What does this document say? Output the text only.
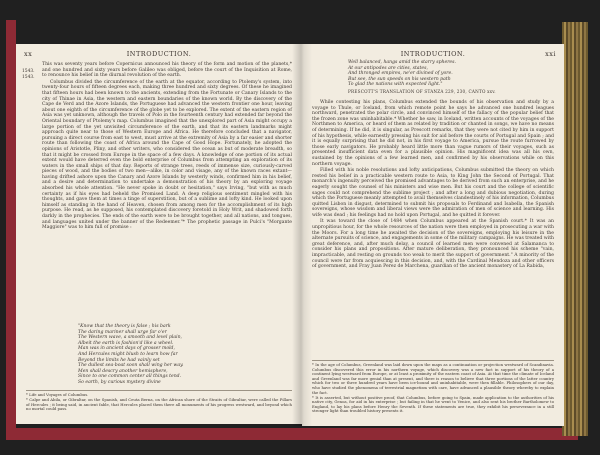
xx	INTRODUCTION.
1543.
1543.

This was seventy years before Copernicus announced his theory of the form and motion of the planets,* and one hundred and sixty years before Galileo was obliged, before the court of the Inquisition at Rome, to renounce his belief in the diurnal revolution of the earth.

Columbus divided the circumference of the earth at the equator, according to Ptolemy's system, into twenty-four hours of fifteen degrees each, making three hundred and sixty degrees. Of these he imagined that fifteen hours had been known to the ancients, extending from the Fortunate or Canary Islands to the city of Thinae in Asia, the western and eastern boundaries of the known world. By the discovery of the Cape de Verd and the Azore Islands, the Portuguese had advanced the western frontier one hour, leaving about one eighth of the circumference of the globe yet to be explored. The extent of the eastern region of Asia was yet unknown, although the travels of Polo in the fourteenth century had extended far beyond the Oriental boundary of Ptolemy's map. Columbus imagined that the unexplored part of Asia might occupy a large portion of the yet unvisited circumference of the earth, and that its eastern landmarks might approach quite near to those of Western Europe and Africa. He therefore concluded that a navigator, pursuing a direct course from east to west, must arrive at the extremity of Asia by a far easier and shorter route than following the coast of Africa around the Cape of Good Hope. Fortunately, he adopted the opinions of Aristotle, Pliny, and other writers, who considered the ocean as but of moderate breadth, so that it might be crossed from Europe in the space of a few days. A knowledge of one portion of its actual extent would have deterred even the bold enterprise of Columbus from attempting an exploration of its waters in the small ships of that day. Reports of strange trees, reeds of immense size, curiously-carved pieces of wood, and the bodies of two men—alike, in color and visage, any of the known races extant—having drifted ashore upon the Canary and Azore Islands by westerly winds, confirmed him in his belief, and a desire and determination to undertake a demonstration of his theory by an exploring voyage absorbed his whole attention. "He never spoke in doubt or hesitation," says Irving, "but with as much certainty as if his eyes had beheld the Promised Land. A deep religious sentiment mingled with his thoughts, and gave them at times a tinge of superstition, but of a sublime and lofty kind. He looked upon himself as standing in the hand of Heaven, chosen from among men for the accomplishment of its high purpose. He read, as he supposed, his contemplated discovery foretold in Holy Writ, and shadowed forth darkly in the prophecies. The ends of the earth were to be brought together, and all nations, and tongues, and languages united under the banner of the Redeemer."* The prophetic passage in Pulci's "Morgante Maggiore" was to him full of promise :

"Know that the theory is false ; his bark
The daring mariner shall urge far o'er
The Western wave, a smooth and level plain,
Albeit the earth is fashion'd like a wheel.
Man was in ancient days of grosser mold,
And Hercules might blush to learn how far
Beyond the limits he had vainly set
The dullest sea-boat soon shall wing her way.
Men shall descry another hemisphere,
Since to one common center all things tend.
So earth, by curious mystery divine

* Life and Voyages of Columbus.

* Calpe and Abila, or Gibraltar, on the Spanish, and Ceuta Berna, on the African shore of the Straits of Gibraltar, were called the Pillars of Hercules ; it being said, in ancient fable, that Hercules placed them there all monuments of his progress westward, and beyond which no mortal could pass.

INTRODUCTION.	xxi
Well balanced, hangs amid the starry spheres.
At our antipodes are cities, states,
And thronged empires, ne'er divined of yore.
But see, the sun speeds on his western path
To glad the nations with expected light."
PRESCOTT'S TRANSLATION OF STANZA 229, 230, CANTO xxv.

While contesting his plans, Columbus extended the bounds of his observation and study by a voyage to Thule, or Iceland, from which remote point he says he advanced one hundred leagues northward, penetrated the polar circle, and convinced himself of the fallacy of the popular belief that the frozen zone was uninhabitable.* Whether he saw, in Iceland, written accounts of the voyages of the Northmen to America, or heard of them as related by tradition or chanted in songs, we have no means of determining. If he did, it is singular, as Prescott remarks, that they were not cited by him in support of his hypothesis, while earnestly pressing his suit for aid before the courts of Portugal and Spain ; and it is equally surprising that he did not, in his first voyage to America, pursue the route furrowed by those early navigators. He probably heard little more than vague rumors of their voyages, such as presented insufficient data even for a plausible opinion. His magnificent idea was all his own, sustained by the opinions of a few learned men, and confirmed by his observations while on this northern voyage.

Filled with his noble resolutions and lofty anticipations, Columbus submitted the theory on which rested his belief in a practicable western route to Asia, to King John the Second of Portugal. That monarch's ingenuity perceived the promised advantages to be derived from such an enterprise, and he eagerly sought the counsel of his ministers and wise men. But his court and the college of scientific sages could not comprehend the sublime project ; and after a long and dubious negotiation, during which the Portuguese meanly attempted to avail themselves clandestinely of his information, Columbus quitted Lisbon in disgust, determined to submit his proposals to Ferdinand and Isabella, the Spanish sovereigns, whose wisdom and liberal views were the admiration of men of science and learning. His wife was dead ; his feelings had no hold upon Portugal, and he quitted it forever.

It was toward the close of 1484 when Columbus appeared at the Spanish court.* It was an unpropitious hour, for the whole resources of the nation were then employed in prosecuting a war with the Moors. For a long time he awaited the decision of the sovereigns, employing his leisure in the alternate pursuits of science, and engagements in some of the military campaigns. He was treated with great deference, and, after much delay, a council of learned men were convened at Salamanca to consider his plans and propositions. After mature deliberation, they pronounced his scheme "vain, impracticable, and resting on grounds too weak to merit the support of government." A minority of the council were far from acquiescing in this decision, and, with the Cardinal Mendoza and other officers of government, and Fray Juan Perez de Marchena, guardian of the ancient monastery of La Rabida,

* In the age of Columbus, Greenland was laid down upon the maps as a continuation or projection westward of Scandinavia. Columbus discovered this error in his northern voyage, which discovery was a new fact in support of his theory of a continent lying westward from Europe, or at least a proximity of the eastern coast of Asia. At that time the climate of Iceland and Greenland was far more genial than at present, and there is reason to believe that three portions of the latter country which for two or three hundred years have been ice-bound and uninhabitable, were then fillable. Philosophers of our day, who have studied the phenomena of terrestrial magnetism with care, have advanced a plausible theory whereby to explain the fact.

* It is asserted, but without positive proof, that Columbus, before going to Spain, made application to the authorities of his native city, Genoa, for aid in his enterprise ; but failing in that he went to Venice, and also sent his brother Bartholomew to England, to lay his plans before Henry the Seventh. If these statements are true, they exhibit his perseverance in a still stronger light than troubled history presents it.
